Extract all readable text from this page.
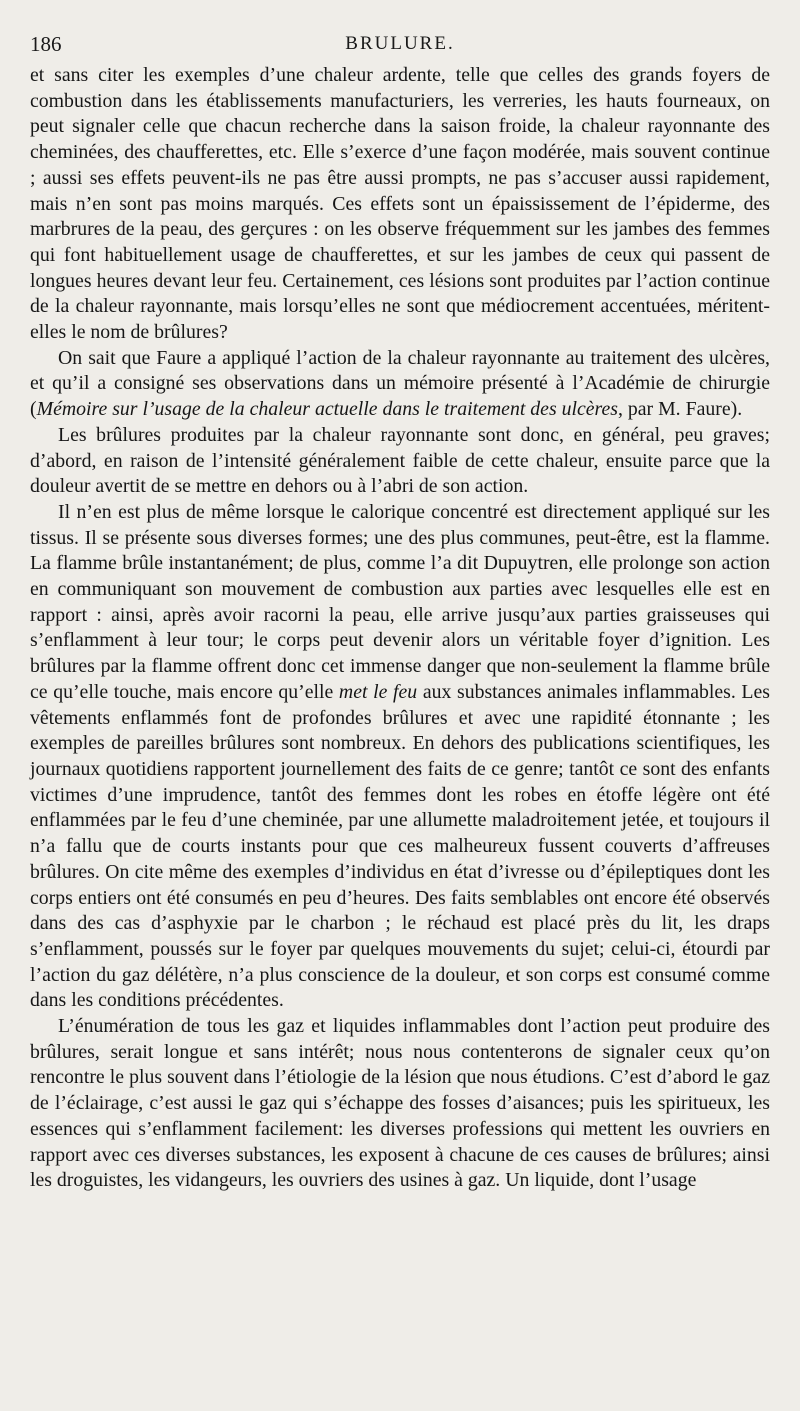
186	BRULURE.

et sans citer les exemples d’une chaleur ardente, telle que celles des grands foyers de combustion dans les établissements manufacturiers, les verreries, les hauts fourneaux, on peut signaler celle que chacun recherche dans la saison froide, la chaleur rayonnante des cheminées, des chaufferettes, etc. Elle s’exerce d’une façon modérée, mais souvent continue ; aussi ses effets peuvent-ils ne pas être aussi prompts, ne pas s’accuser aussi rapidement, mais n’en sont pas moins marqués. Ces effets sont un épaississement de l’épiderme, des marbrures de la peau, des gerçures : on les observe fréquemment sur les jambes des femmes qui font habituellement usage de chaufferettes, et sur les jambes de ceux qui passent de longues heures devant leur feu. Certainement, ces lésions sont produites par l’action continue de la chaleur rayonnante, mais lorsqu’elles ne sont que médiocrement accentuées, méritent-elles le nom de brûlures?

On sait que Faure a appliqué l’action de la chaleur rayonnante au traitement des ulcères, et qu’il a consigné ses observations dans un mémoire présenté à l’Académie de chirurgie (Mémoire sur l’usage de la chaleur actuelle dans le traitement des ulcères, par M. Faure).

Les brûlures produites par la chaleur rayonnante sont donc, en général, peu graves; d’abord, en raison de l’intensité généralement faible de cette chaleur, ensuite parce que la douleur avertit de se mettre en dehors ou à l’abri de son action.

Il n’en est plus de même lorsque le calorique concentré est directement appliqué sur les tissus. Il se présente sous diverses formes; une des plus communes, peut-être, est la flamme. La flamme brûle instantanément; de plus, comme l’a dit Dupuytren, elle prolonge son action en communiquant son mouvement de combustion aux parties avec lesquelles elle est en rapport : ainsi, après avoir racorni la peau, elle arrive jusqu’aux parties graisseuses qui s’enflamment à leur tour; le corps peut devenir alors un véritable foyer d’ignition. Les brûlures par la flamme offrent donc cet immense danger que non-seulement la flamme brûle ce qu’elle touche, mais encore qu’elle met le feu aux substances animales inflammables. Les vêtements enflammés font de profondes brûlures et avec une rapidité étonnante ; les exemples de pareilles brûlures sont nombreux. En dehors des publications scientifiques, les journaux quotidiens rapportent journellement des faits de ce genre; tantôt ce sont des enfants victimes d’une imprudence, tantôt des femmes dont les robes en étoffe légère ont été enflammées par le feu d’une cheminée, par une allumette maladroitement jetée, et toujours il n’a fallu que de courts instants pour que ces malheureux fussent couverts d’affreuses brûlures. On cite même des exemples d’individus en état d’ivresse ou d’épileptiques dont les corps entiers ont été consumés en peu d’heures. Des faits semblables ont encore été observés dans des cas d’asphyxie par le charbon ; le réchaud est placé près du lit, les draps s’enflamment, poussés sur le foyer par quelques mouvements du sujet; celui-ci, étourdi par l’action du gaz délétère, n’a plus conscience de la douleur, et son corps est consumé comme dans les conditions précédentes.

L’énumération de tous les gaz et liquides inflammables dont l’action peut produire des brûlures, serait longue et sans intérêt; nous nous contenterons de signaler ceux qu’on rencontre le plus souvent dans l’étiologie de la lésion que nous étudions. C’est d’abord le gaz de l’éclairage, c’est aussi le gaz qui s’échappe des fosses d’aisances; puis les spiritueux, les essences qui s’enflamment facilement: les diverses professions qui mettent les ouvriers en rapport avec ces diverses substances, les exposent à chacune de ces causes de brûlures; ainsi les droguistes, les vidangeurs, les ouvriers des usines à gaz. Un liquide, dont l’usage
